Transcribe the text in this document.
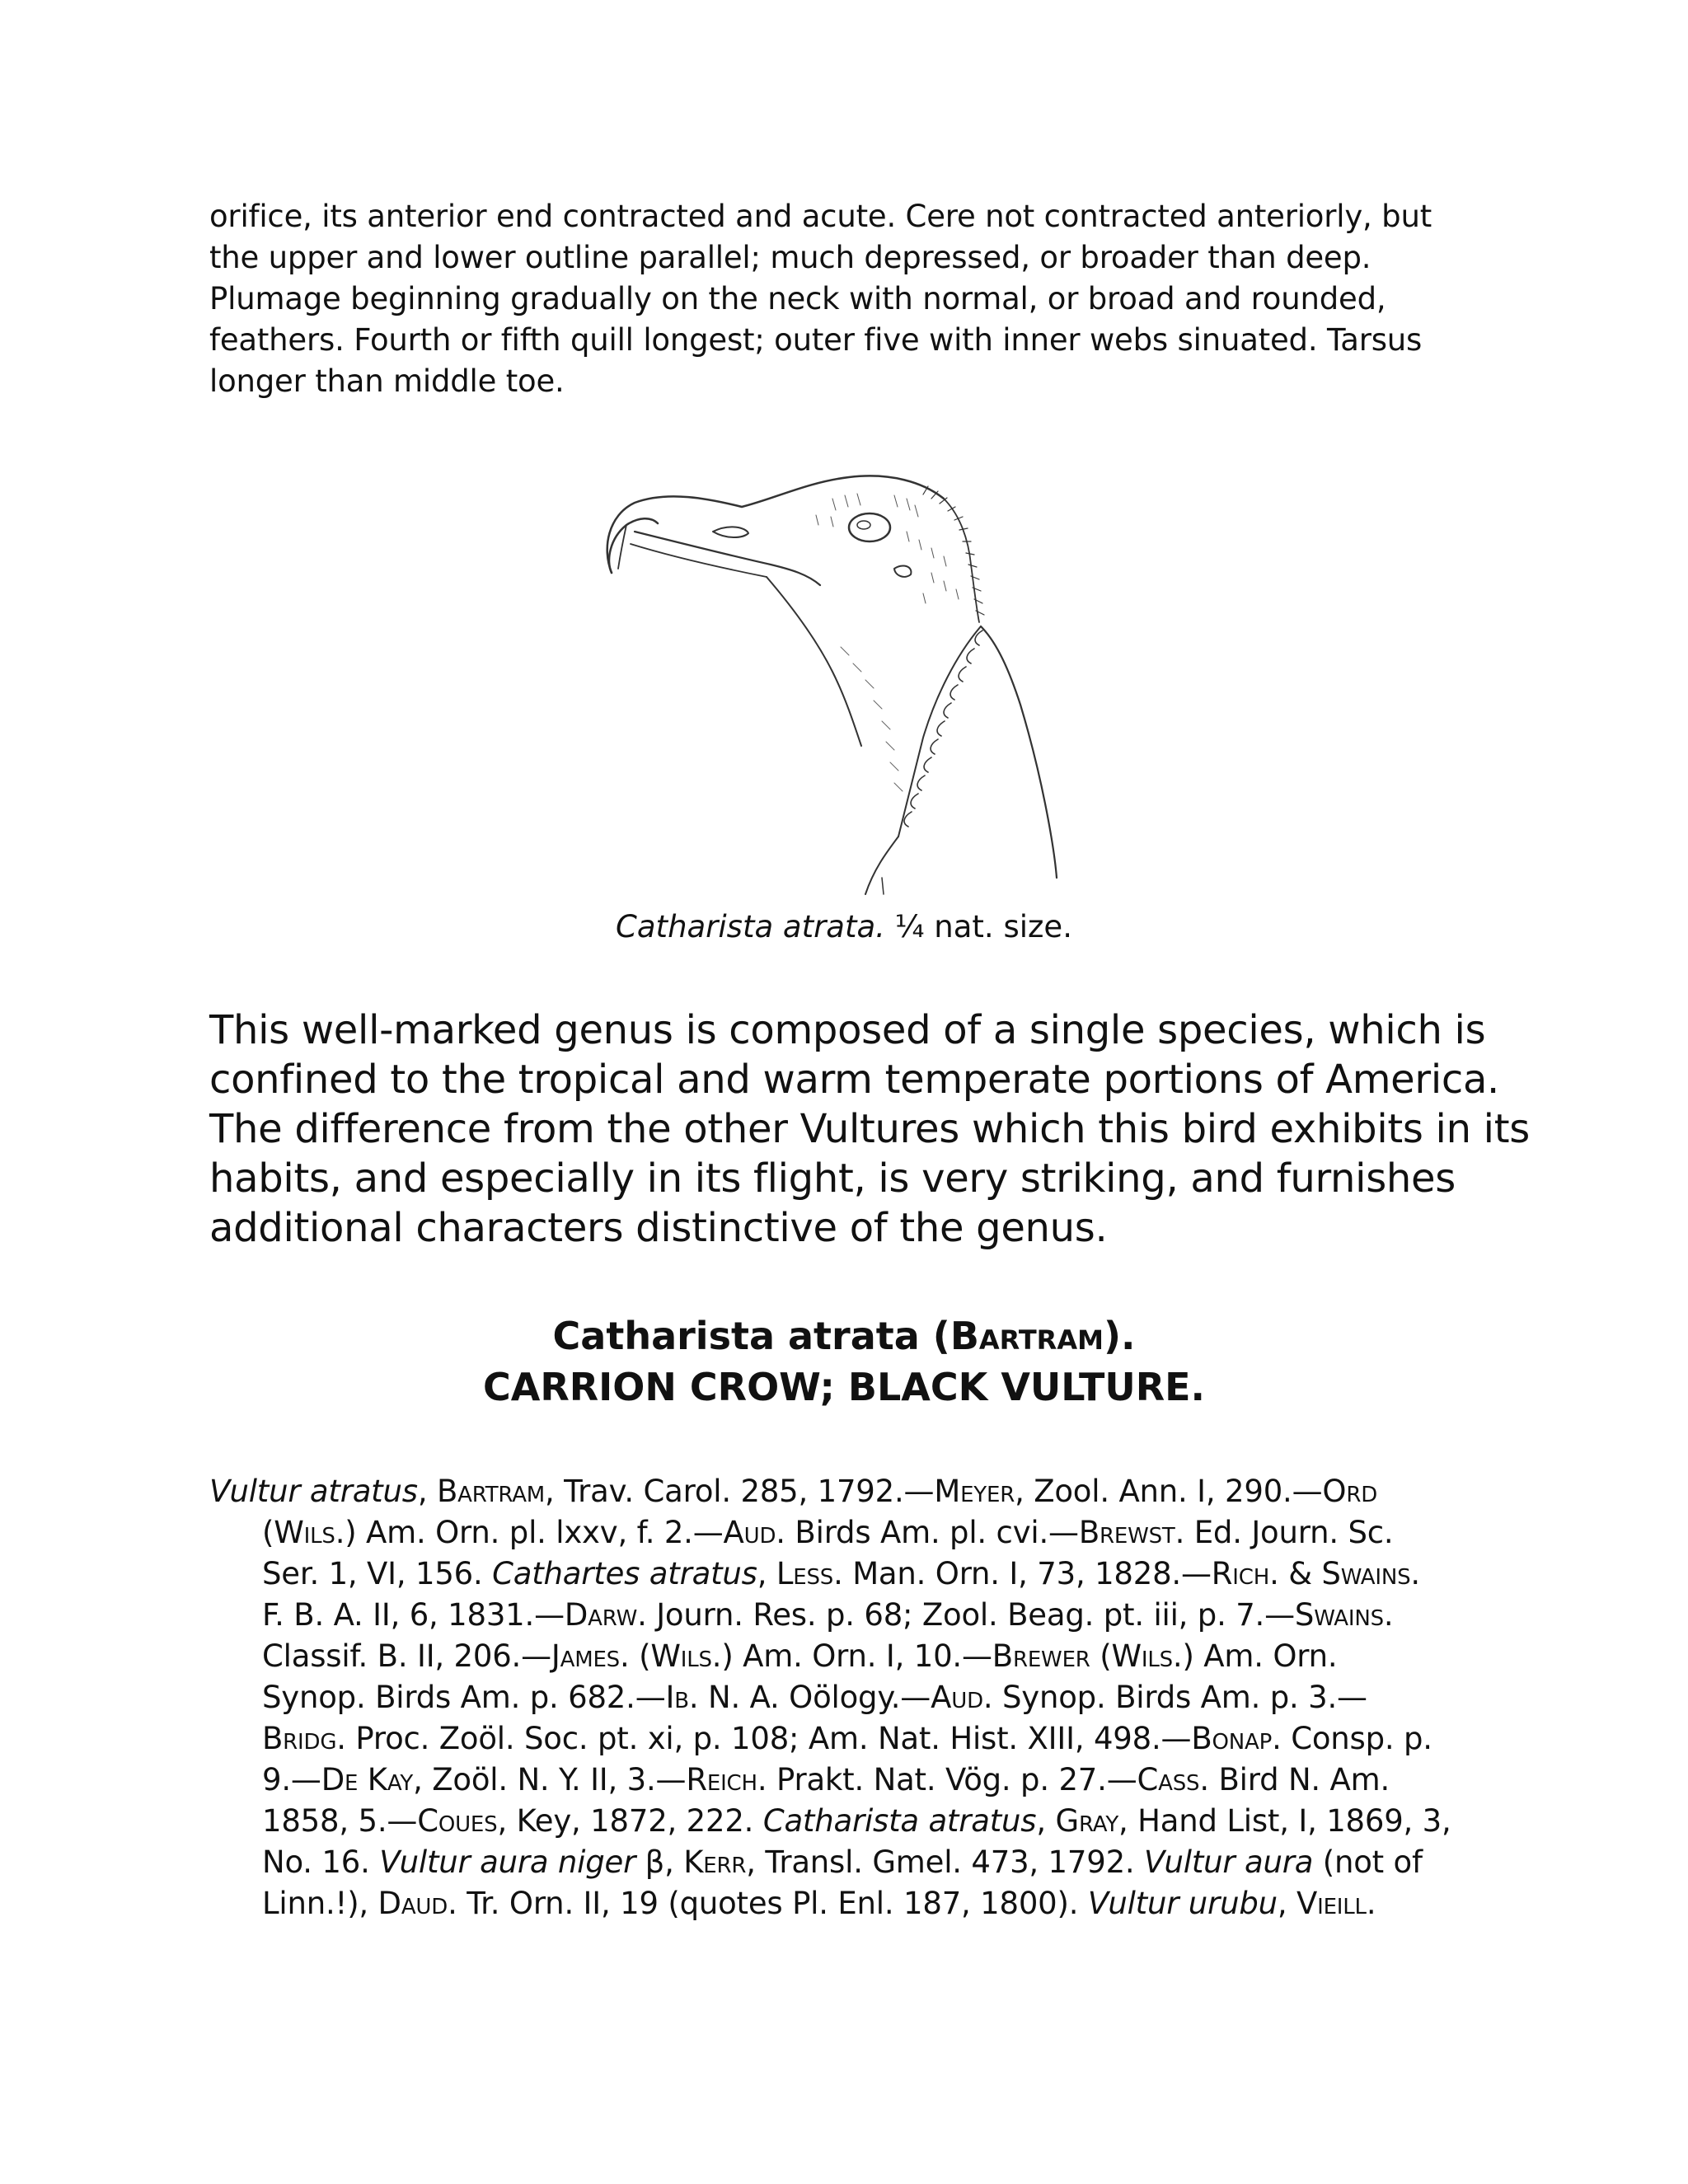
orifice, its anterior end contracted and acute. Cere not contracted anteriorly, but
the upper and lower outline parallel; much depressed, or broader than deep.
Plumage beginning gradually on the neck with normal, or broad and rounded,
feathers. Fourth or fifth quill longest; outer five with inner webs sinuated. Tarsus
longer than middle toe.
Catharista atrata. ¼ nat. size.
This well-marked genus is composed of a single species, which is
confined to the tropical and warm temperate portions of America.
The difference from the other Vultures which this bird exhibits in its
habits, and especially in its flight, is very striking, and furnishes
additional characters distinctive of the genus.
Catharista atrata (Bartram).
CARRION CROW; BLACK VULTURE.
Vultur atratus, Bartram, Trav. Carol. 285, 1792.—Meyer, Zool. Ann. I, 290.—Ord
(Wils.) Am. Orn. pl. lxxv, f. 2.—Aud. Birds Am. pl. cvi.—Brewst. Ed. Journ. Sc.
Ser. 1, VI, 156. Cathartes atratus, Less. Man. Orn. I, 73, 1828.—Rich. & Swains.
F. B. A. II, 6, 1831.—Darw. Journ. Res. p. 68; Zool. Beag. pt. iii, p. 7.—Swains.
Classif. B. II, 206.—James. (Wils.) Am. Orn. I, 10.—Brewer (Wils.) Am. Orn.
Synop. Birds Am. p. 682.—Ib. N. A. Oölogy.—Aud. Synop. Birds Am. p. 3.—
Bridg. Proc. Zoöl. Soc. pt. xi, p. 108; Am. Nat. Hist. XIII, 498.—Bonap. Consp. p.
9.—De Kay, Zoöl. N. Y. II, 3.—Reich. Prakt. Nat. Vög. p. 27.—Cass. Bird N. Am.
1858, 5.—Coues, Key, 1872, 222. Catharista atratus, Gray, Hand List, I, 1869, 3,
No. 16. Vultur aura niger β, Kerr, Transl. Gmel. 473, 1792. Vultur aura (not of
Linn.!), Daud. Tr. Orn. II, 19 (quotes Pl. Enl. 187, 1800). Vultur urubu, Vieill.
